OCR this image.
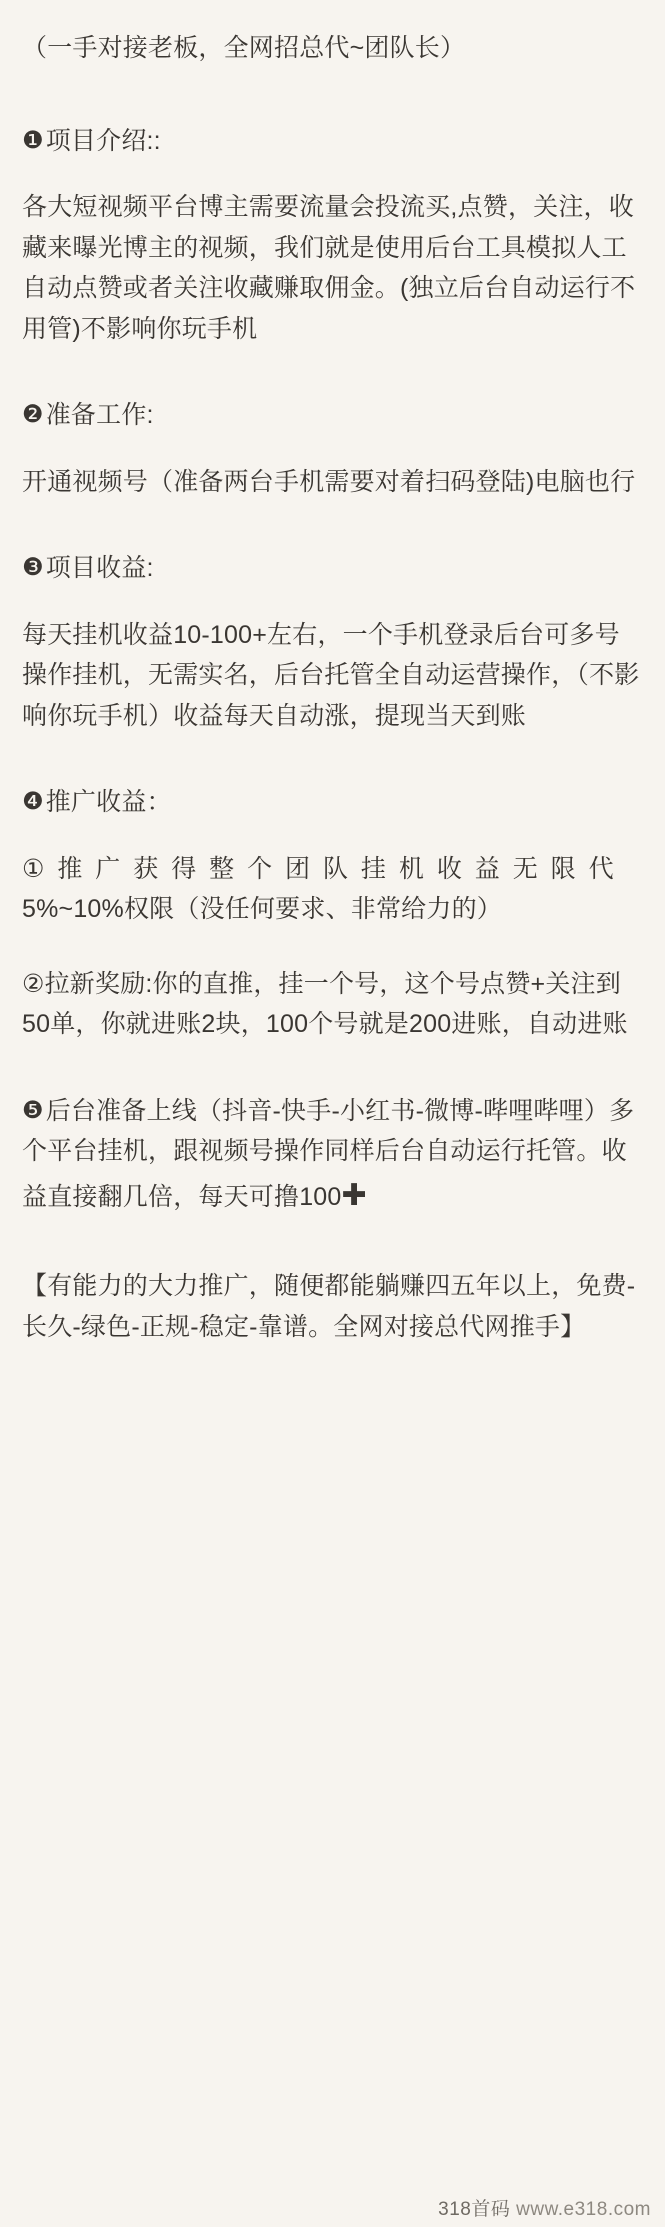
（一手对接老板，全网招总代~团队长）

❶项目介绍::

各大短视频平台博主需要流量会投流买,点赞，关注，收藏来曝光博主的视频，我们就是使用后台工具模拟人工自动点赞或者关注收藏赚取佣金。(独立后台自动运行不用管)不影响你玩手机

❷准备工作:

开通视频号（准备两台手机需要对着扫码登陆)电脑也行

❸项目收益:

每天挂机收益10-100+左右，一个手机登录后台可多号操作挂机，无需实名，后台托管全自动运营操作，（不影响你玩手机）收益每天自动涨，提现当天到账

❹推广收益：

① 推 广 获 得 整 个 团 队 挂 机 收 益 无 限 代
5%~10%权限（没任何要求、非常给力的）

②拉新奖励:你的直推，挂一个号，这个号点赞+关注到50单，你就进账2块，100个号就是200进账，自动进账

❺后台准备上线（抖音-快手-小红书-微博-哔哩哔哩）多个平台挂机，跟视频号操作同样后台自动运行托管。收益直接翻几倍，每天可撸100✚

【有能力的大力推广，随便都能躺赚四五年以上，免费-长久-绿色-正规-稳定-靠谱。全网对接总代网推手】

318首码 www.e318.com
